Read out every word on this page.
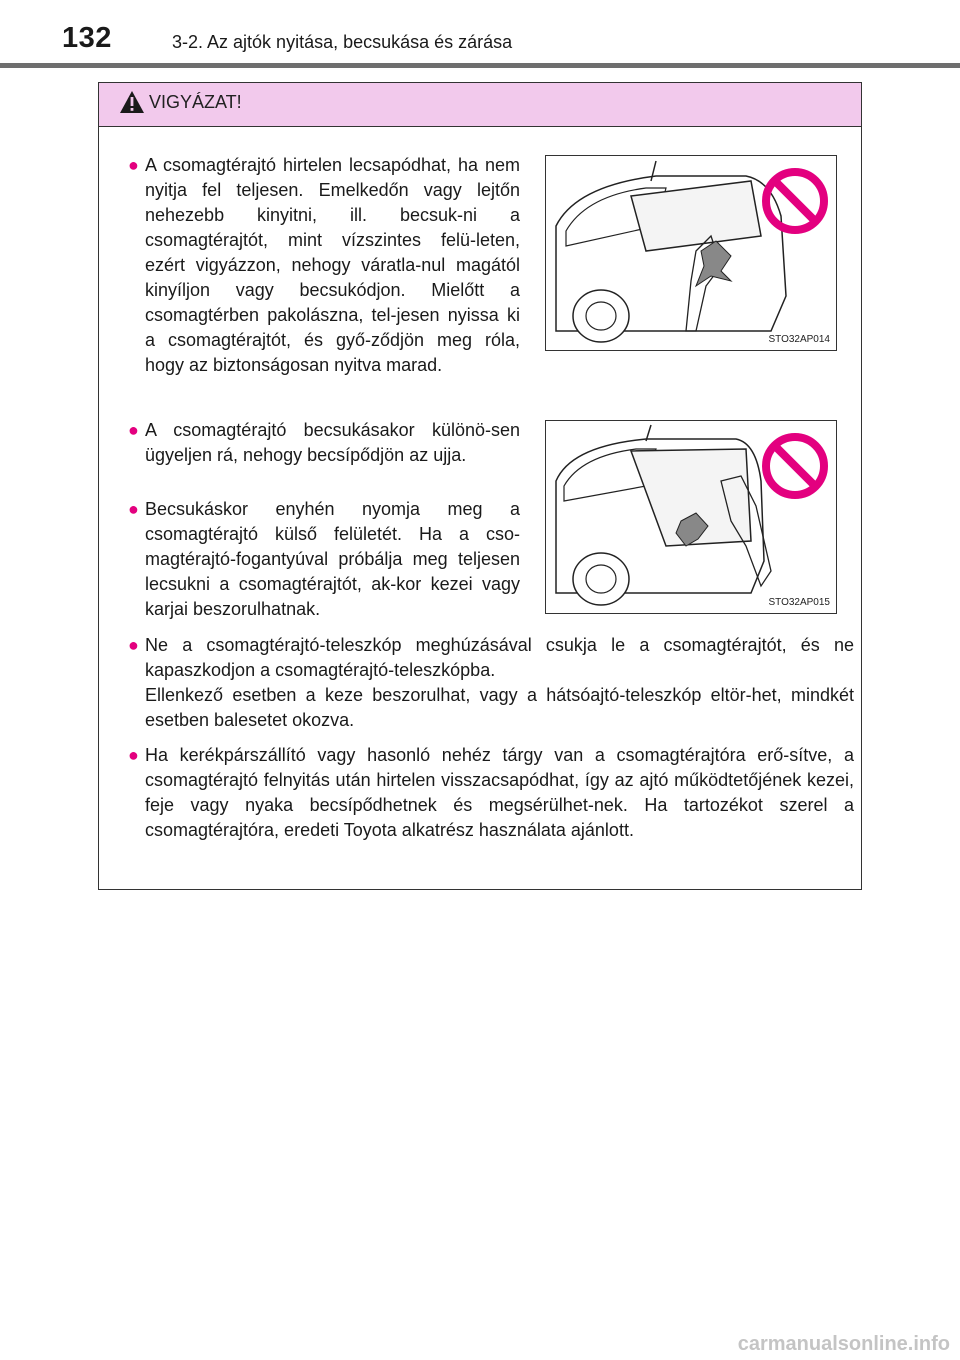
132	3-2. Az ajtók nyitása, becsukása és zárása
VIGYÁZAT!
● A csomagtérajtó hirtelen lecsapódhat, ha nem nyitja fel teljesen. Emelkedőn vagy lejtőn nehezebb kinyitni, ill. becsuk-ni a csomagtérajtót, mint vízszintes felü-leten, ezért vigyázzon, nehogy váratla-nul magától kinyíljon vagy becsukódjon. Mielőtt a csomagtérben pakolászna, tel-jesen nyissa ki a csomagtérajtót, és győ-ződjön meg róla, hogy az biztonságosan nyitva marad.
STO32AP014
● A csomagtérajtó becsukásakor különö-sen ügyeljen rá, nehogy becsípődjön az ujja.
● Becsukáskor enyhén nyomja meg a csomagtérajtó külső felületét. Ha a cso-magtérajtó-fogantyúval próbálja meg teljesen lecsukni a csomagtérajtót, ak-kor kezei vagy karjai beszorulhatnak.	STO32AP015
● Ne a csomagtérajtó-teleszkóp meghúzásával csukja le a csomagtérajtót, és ne kapaszkodjon a csomagtérajtó-teleszkópba.
Ellenkező esetben a keze beszorulhat, vagy a hátsóajtó-teleszkóp eltör-het, mindkét esetben balesetet okozva.
● Ha kerékpárszállító vagy hasonló nehéz tárgy van a csomagtérajtóra erő-sítve, a csomagtérajtó felnyitás után hirtelen visszacsapódhat, így az ajtó működtetőjének kezei, feje vagy nyaka becsípődhetnek és megsérülhet-nek. Ha tartozékot szerel a csomagtérajtóra, eredeti Toyota alkatrész használata ajánlott.
carmanualsonline.info
